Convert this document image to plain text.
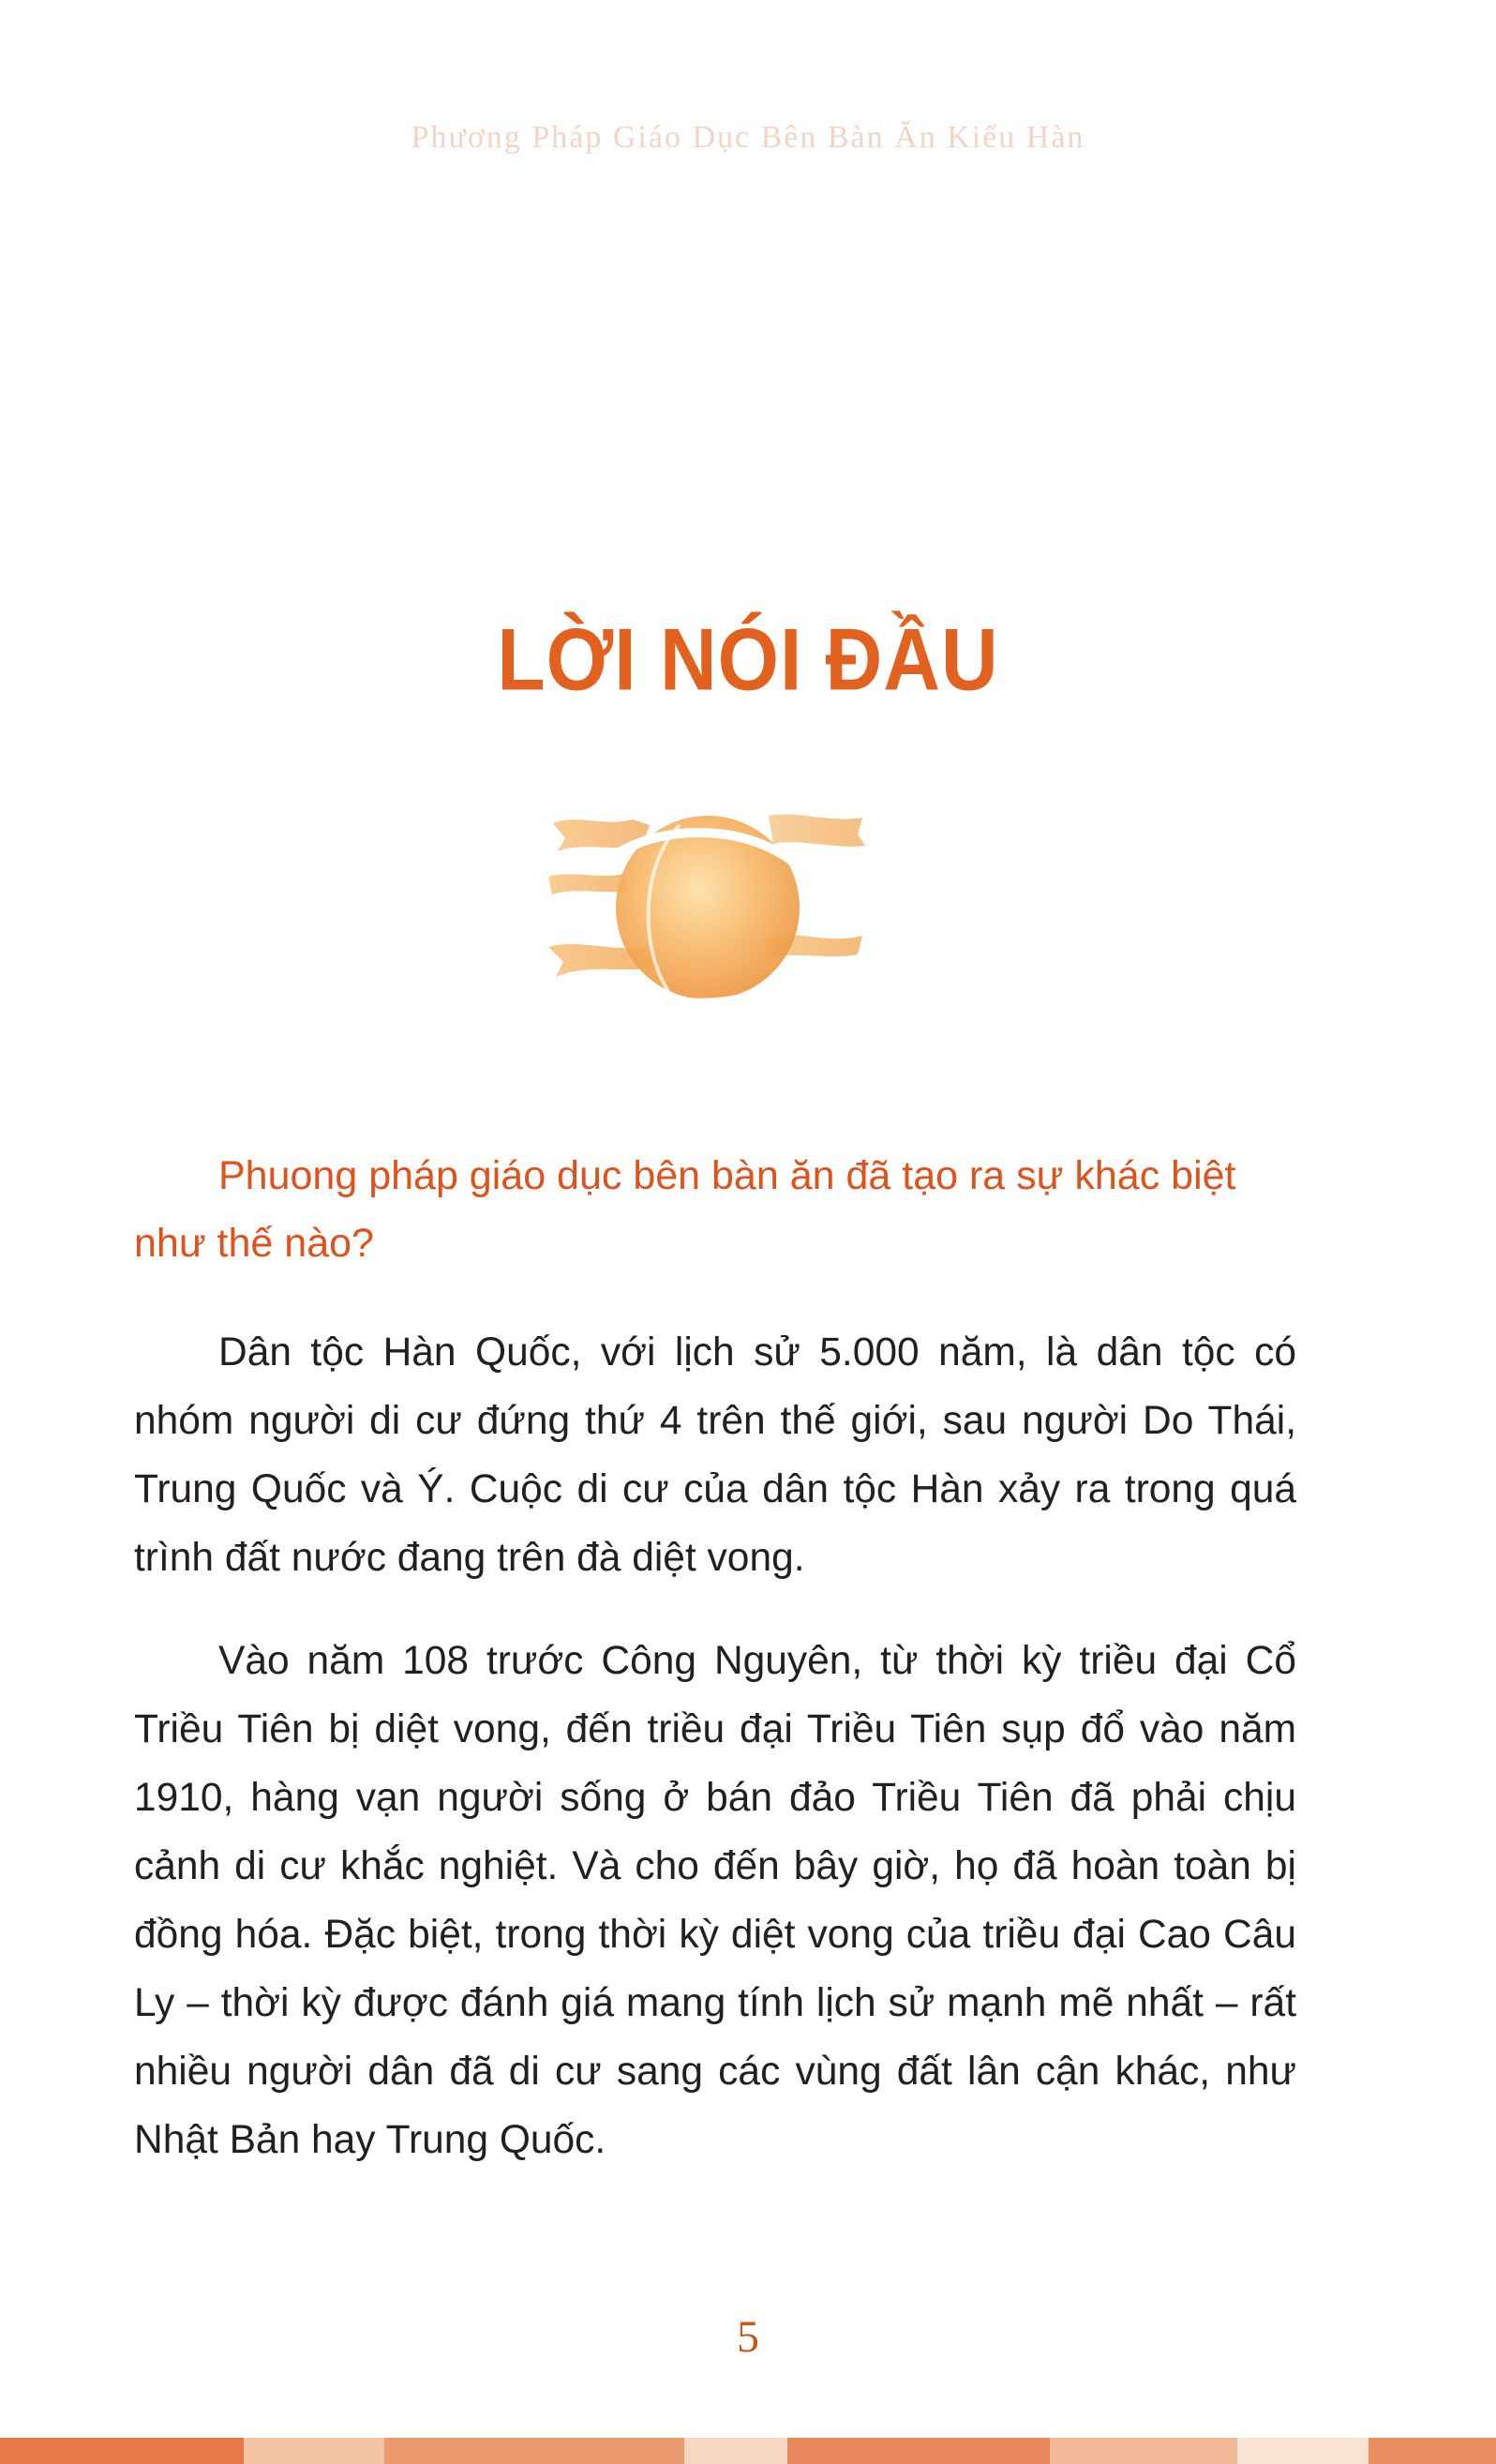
Phương Pháp Giáo Dục Bên Bàn Ăn Kiểu Hàn
LỜI NÓI ĐẦU
Phuong pháp giáo dục bên bàn ăn đã tạo ra sự khác biệt như thế nào?

Dân tộc Hàn Quốc, với lịch sử 5.000 năm, là dân tộc có nhóm người di cư đứng thứ 4 trên thế giới, sau người Do Thái, Trung Quốc và Ý. Cuộc di cư của dân tộc Hàn xảy ra trong quá trình đất nước đang trên đà diệt vong.

Vào năm 108 trước Công Nguyên, từ thời kỳ triều đại Cổ Triều Tiên bị diệt vong, đến triều đại Triều Tiên sụp đổ vào năm 1910, hàng vạn người sống ở bán đảo Triều Tiên đã phải chịu cảnh di cư khắc nghiệt. Và cho đến bây giờ, họ đã hoàn toàn bị đồng hóa. Đặc biệt, trong thời kỳ diệt vong của triều đại Cao Câu Ly – thời kỳ được đánh giá mang tính lịch sử mạnh mẽ nhất – rất nhiều người dân đã di cư sang các vùng đất lân cận khác, như Nhật Bản hay Trung Quốc.

5
